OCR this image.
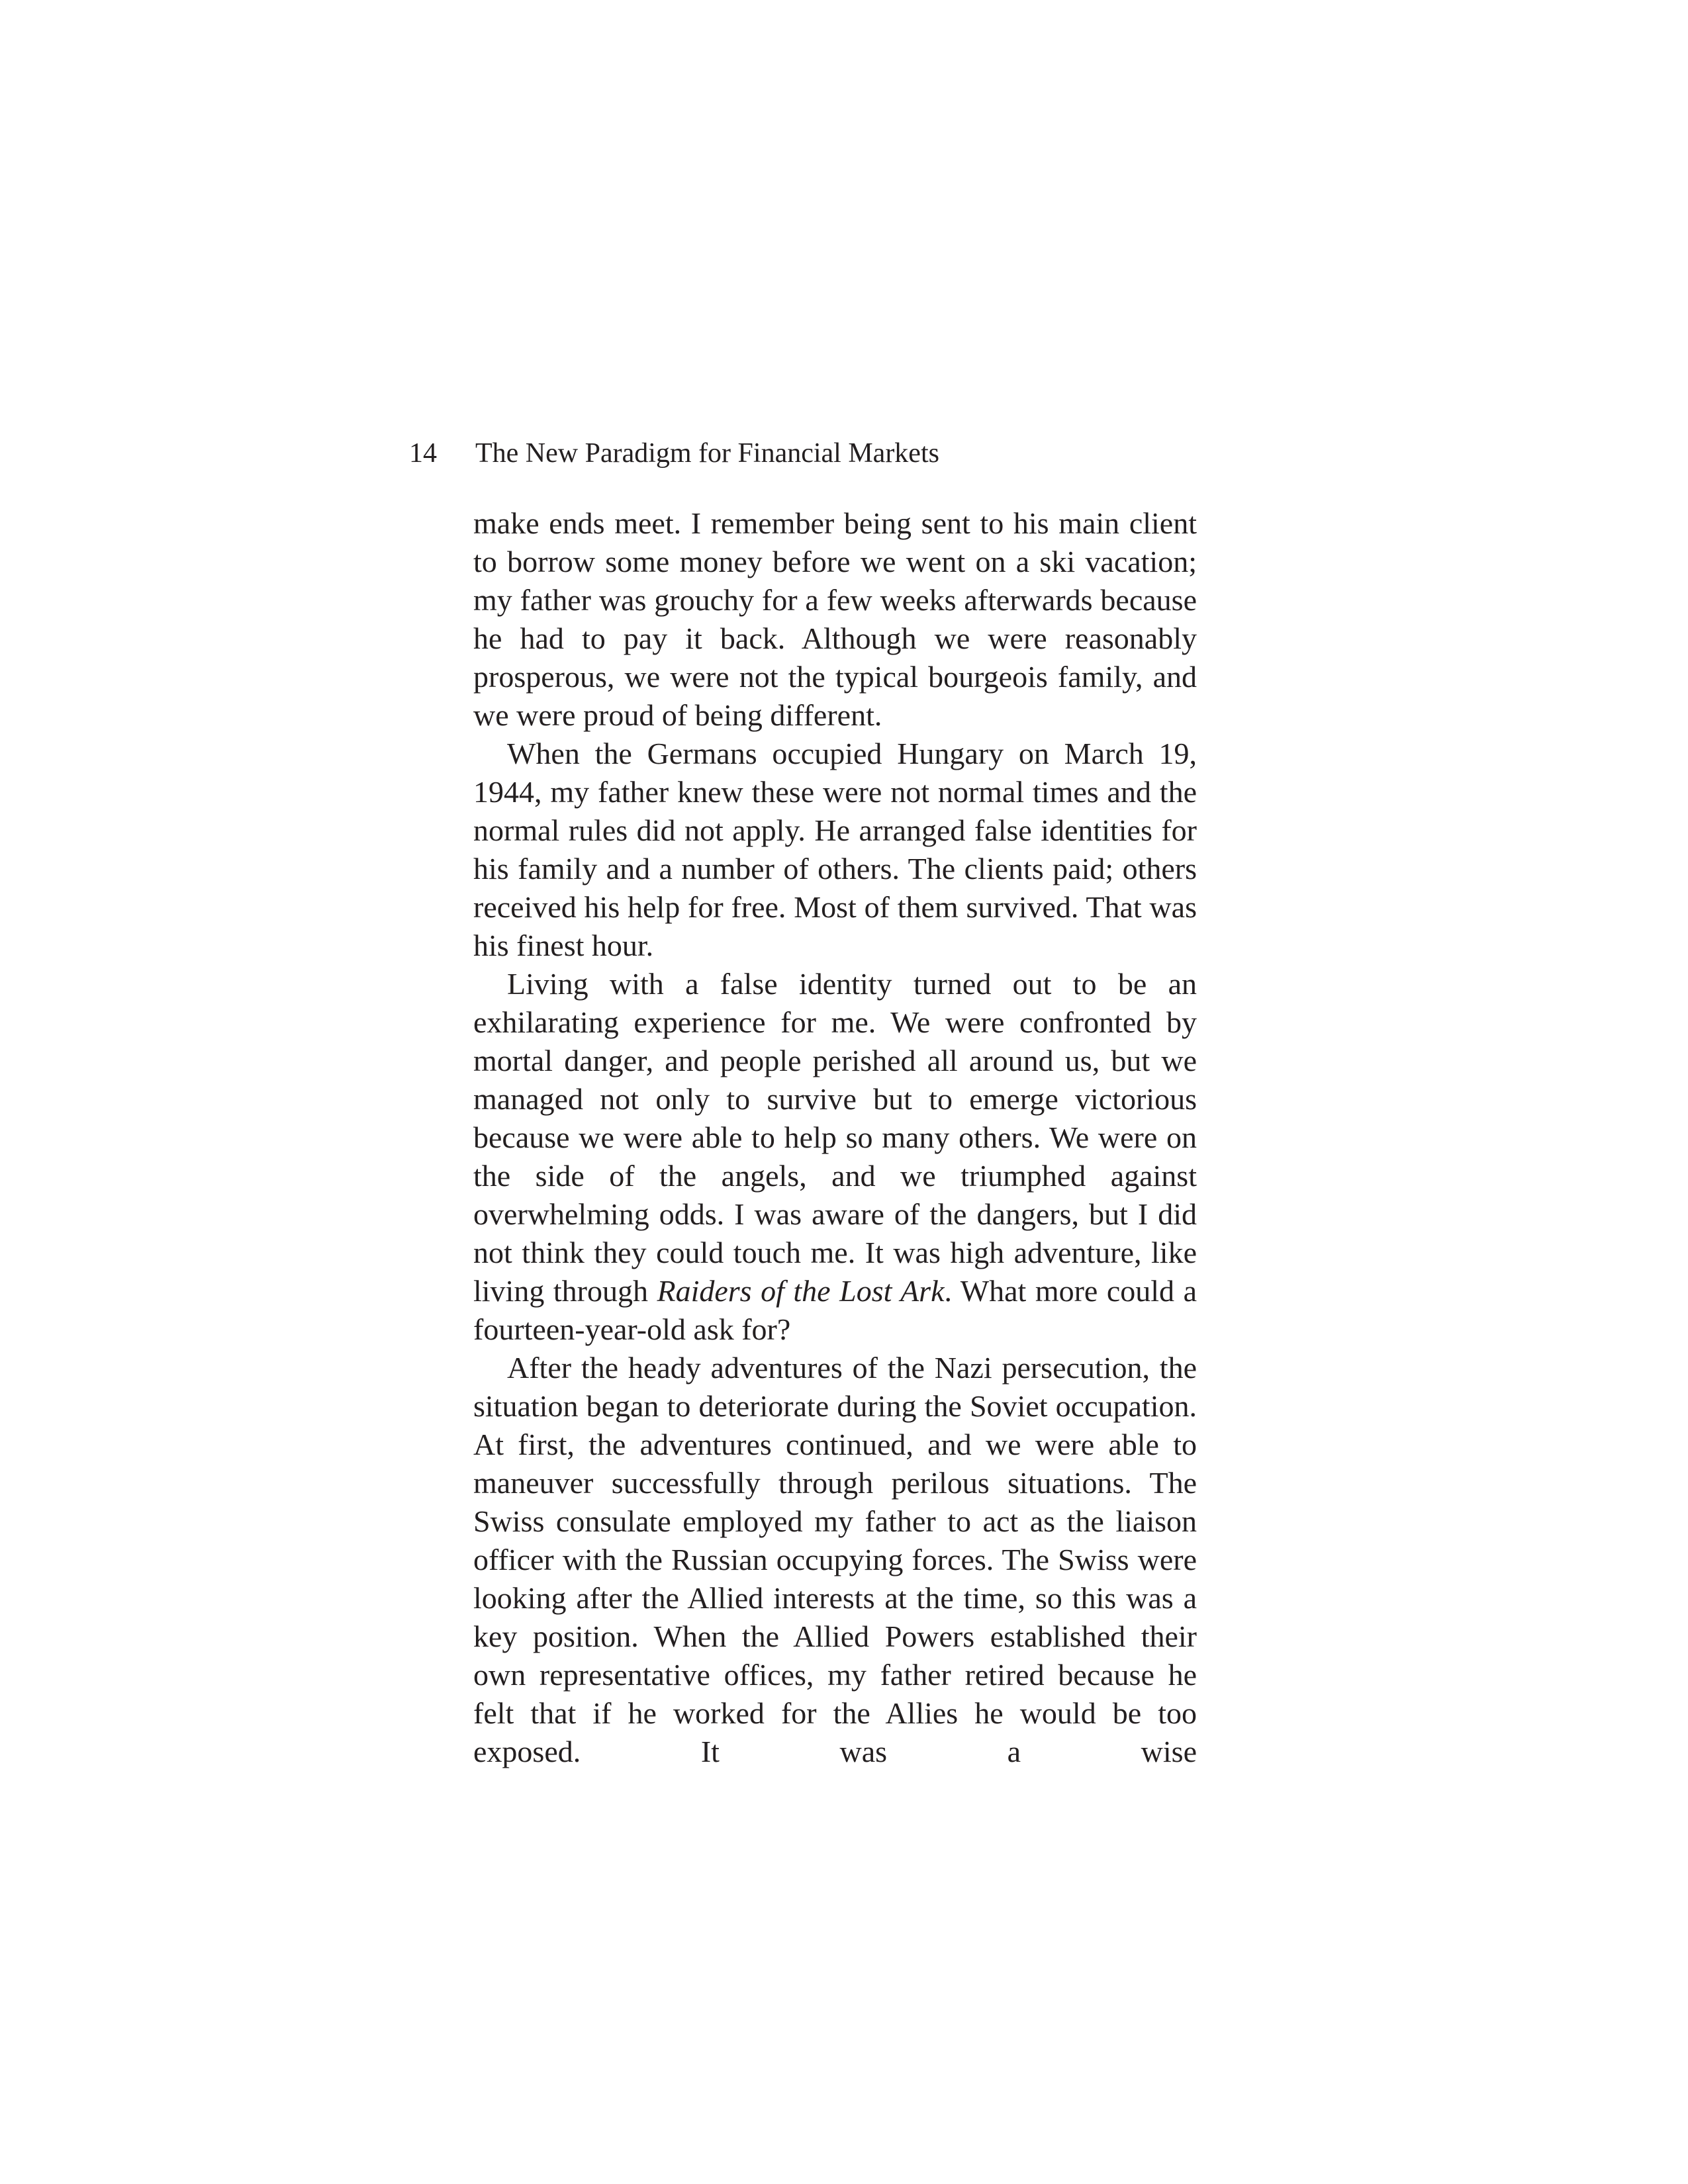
14 The New Paradigm for Financial Markets

make ends meet. I remember being sent to his main client to borrow some money before we went on a ski vacation; my father was grouchy for a few weeks afterwards because he had to pay it back. Although we were reasonably prosperous, we were not the typical bourgeois family, and we were proud of being different.

When the Germans occupied Hungary on March 19, 1944, my father knew these were not normal times and the normal rules did not apply. He arranged false identities for his family and a number of others. The clients paid; others received his help for free. Most of them survived. That was his finest hour.

Living with a false identity turned out to be an exhilarating experience for me. We were confronted by mortal danger, and people perished all around us, but we managed not only to survive but to emerge victorious because we were able to help so many others. We were on the side of the angels, and we triumphed against overwhelming odds. I was aware of the dangers, but I did not think they could touch me. It was high adventure, like living through Raiders of the Lost Ark. What more could a fourteen-year-old ask for?

After the heady adventures of the Nazi persecution, the situation began to deteriorate during the Soviet occupation. At first, the adventures continued, and we were able to maneuver successfully through perilous situations. The Swiss consulate employed my father to act as the liaison officer with the Russian occupying forces. The Swiss were looking after the Allied interests at the time, so this was a key position. When the Allied Powers established their own representative offices, my father retired because he felt that if he worked for the Allies he would be too exposed. It was a wise
